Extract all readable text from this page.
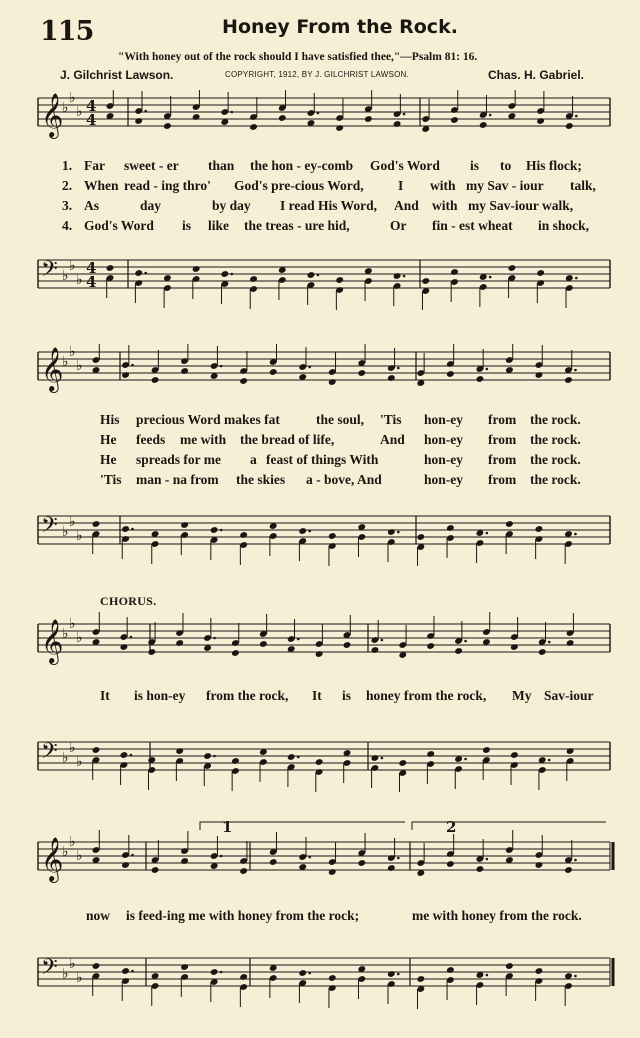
115	Honey From the Rock.
"With honey out of the rock should I have satisfied thee,"—Psalm 81: 16.
J. Gilchrist Lawson.	COPYRIGHT, 1912, BY J. GILCHRIST LAWSON.	Chas. H. Gabriel.
𝄞
♭
♭
♭ 4
4
1. Far sweet - er than the hon - ey-comb God's Word is to His flock;
2. When read - ing thro' God's pre-cious Word,	I with my Sav - iour talk,
3. As	day	by day I read His Word, And with my Sav-iour walk,
4. God's Word is like the treas - ure hid,	Or fin - est wheat in shock,
𝄢 ♭
♭
♭
4
4
𝄞
♭
♭
♭
His precious Word makes fat	the soul, 'Tis hon-ey from the rock.
He feeds me with the bread of life,	And hon-ey from the rock.
He spreads for me a feast of things With	hon-ey from the rock.
'Tis man - na from the skies a - bove, And	hon-ey from the rock.
𝄢 ♭
♭
♭
CHORUS.
𝄞
♭
♭
♭
It is hon-ey from the rock, It is honey from the rock, My Sav-iour
𝄢 ♭
♭
♭
𝄞
♭
♭
♭
1	2
now is feed-ing me with honey from the rock;	me with honey from the rock.
𝄢 ♭
♭
♭
